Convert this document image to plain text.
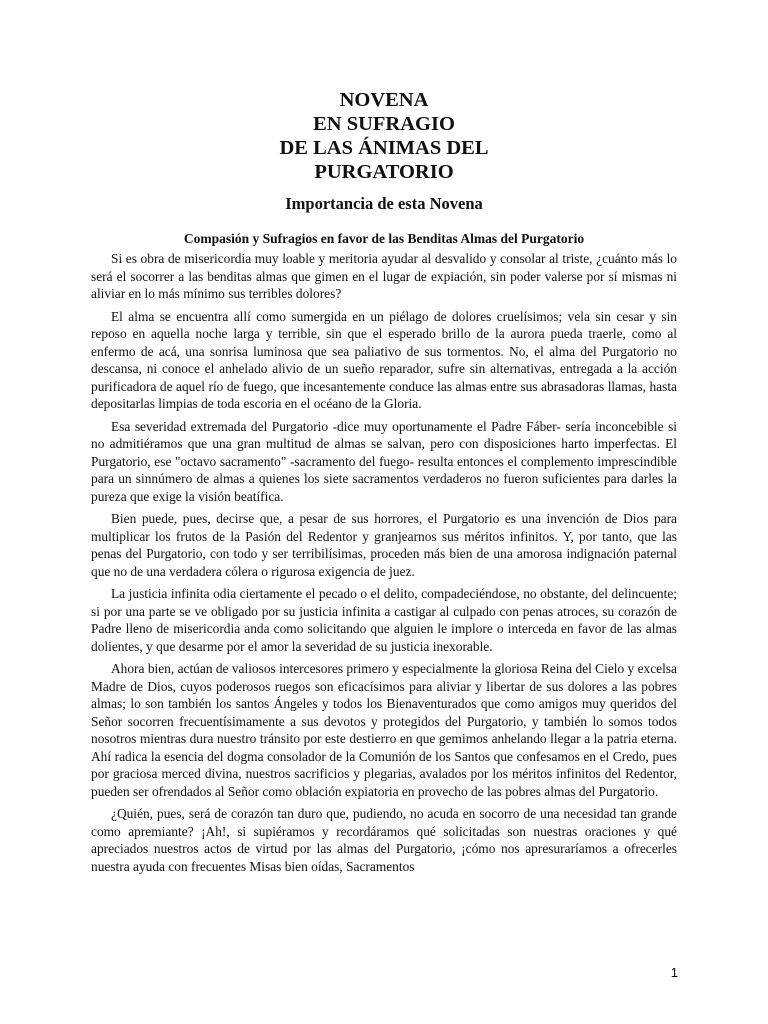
NOVENA
EN SUFRAGIO
DE LAS ÁNIMAS DEL
PURGATORIO
Importancia de esta Novena
Compasión y Sufragios en favor de las Benditas Almas del Purgatorio

Si es obra de misericordia muy loable y meritoria ayudar al desvalido y consolar al triste, ¿cuánto más lo será el socorrer a las benditas almas que gimen en el lugar de expiación, sin poder valerse por sí mismas ni aliviar en lo más mínimo sus terribles dolores?

El alma se encuentra allí como sumergida en un piélago de dolores cruelísimos; vela sin cesar y sin reposo en aquella noche larga y terrible, sin que el esperado brillo de la aurora pueda traerle, como al enfermo de acá, una sonrisa luminosa que sea paliativo de sus tormentos. No, el alma del Purgatorio no descansa, ni conoce el anhelado alivio de un sueño reparador, sufre sin alternativas, entregada a la acción purificadora de aquel río de fuego, que incesantemente conduce las almas entre sus abrasadoras llamas, hasta depositarlas limpias de toda escoria en el océano de la Gloria.

Esa severidad extremada del Purgatorio -dice muy oportunamente el Padre Fáber- sería inconcebible si no admitiéramos que una gran multitud de almas se salvan, pero con disposiciones harto imperfectas. El Purgatorio, ese "octavo sacramento" -sacramento del fuego- resulta entonces el complemento imprescindible para un sinnúmero de almas a quienes los siete sacramentos verdaderos no fueron suficientes para darles la pureza que exige la visión beatífica.

Bien puede, pues, decirse que, a pesar de sus horrores, el Purgatorio es una invención de Dios para multiplicar los frutos de la Pasión del Redentor y granjearnos sus méritos infinitos. Y, por tanto, que las penas del Purgatorio, con todo y ser terribilísimas, proceden más bien de una amorosa indignación paternal que no de una verdadera cólera o rigurosa exigencia de juez.

La justicia infinita odia ciertamente el pecado o el delito, compadeciéndose, no obstante, del delincuente; si por una parte se ve obligado por su justicia infinita a castigar al culpado con penas atroces, su corazón de Padre lleno de misericordia anda como solicitando que alguien le implore o interceda en favor de las almas dolientes, y que desarme por el amor la severidad de su justicia inexorable.

Ahora bien, actúan de valiosos intercesores primero y especialmente la gloriosa Reina del Cielo y excelsa Madre de Dios, cuyos poderosos ruegos son eficacísimos para aliviar y libertar de sus dolores a las pobres almas; lo son también los santos Ángeles y todos los Bienaventurados que como amigos muy queridos del Señor socorren frecuentísimamente a sus devotos y protegidos del Purgatorio, y también lo somos todos nosotros mientras dura nuestro tránsito por este destierro en que gemimos anhelando llegar a la patria eterna. Ahí radica la esencia del dogma consolador de la Comunión de los Santos que confesamos en el Credo, pues por graciosa merced divina, nuestros sacrificios y plegarias, avalados por los méritos infinitos del Redentor, pueden ser ofrendados al Señor como oblación expiatoria en provecho de las pobres almas del Purgatorio.

¿Quién, pues, será de corazón tan duro que, pudiendo, no acuda en socorro de una necesidad tan grande como apremiante? ¡Ah!, si supiéramos y recordáramos qué solicitadas son nuestras oraciones y qué apreciados nuestros actos de virtud por las almas del Purgatorio, ¡cómo nos apresuraríamos a ofrecerles nuestra ayuda con frecuentes Misas bien oídas, Sacramentos

1
